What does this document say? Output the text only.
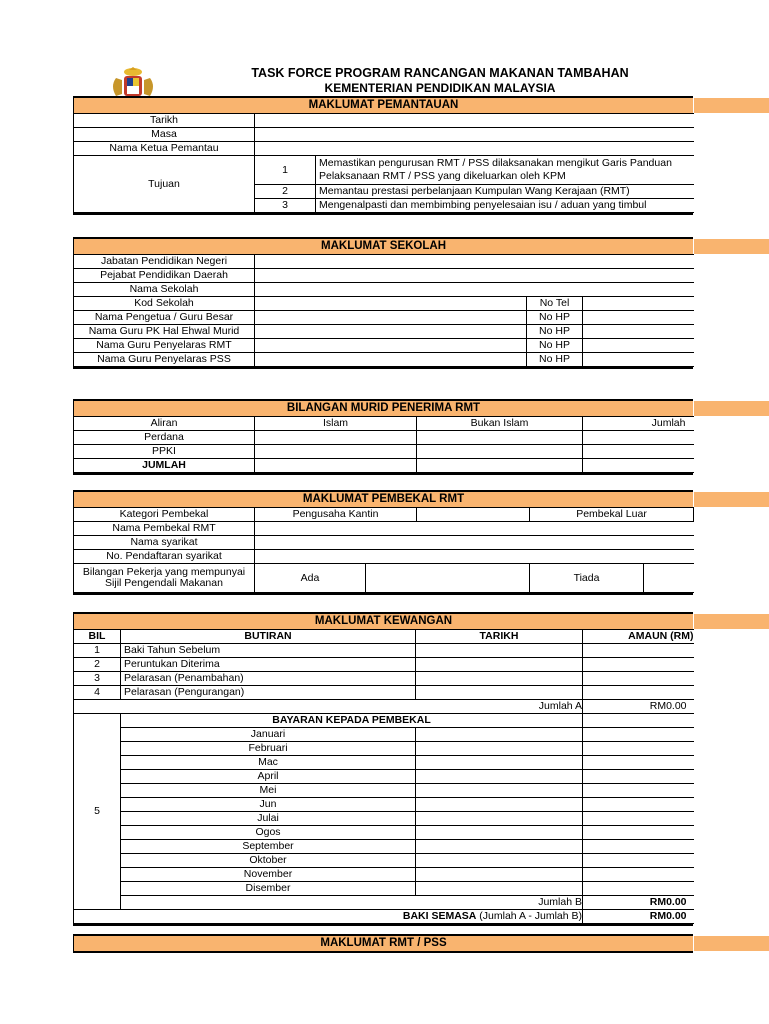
TASK FORCE PROGRAM RANCANGAN MAKANAN TAMBAHAN
KEMENTERIAN PENDIDIKAN MALAYSIA
MAKLUMAT PEMANTAUAN
Tarikh		
Masa		
Nama Ketua Pemantau		
Tujuan	1	Memastikan pengurusan RMT / PSS dilaksanakan mengikut Garis Panduan Pelaksanaan RMT / PSS yang dikeluarkan oleh KPM
	2	Memantau prestasi perbelanjaan Kumpulan Wang Kerajaan (RMT)
	3	Mengenalpasti dan membimbing penyelesaian isu / aduan yang timbul
MAKLUMAT SEKOLAH
Jabatan Pendidikan Negeri			
Pejabat Pendidikan Daerah			
Nama Sekolah			
Kod Sekolah		No Tel	
Nama Pengetua / Guru Besar		No HP	
Nama Guru PK Hal Ehwal Murid		No HP	
Nama Guru Penyelaras RMT		No HP	
Nama Guru Penyelaras PSS		No HP	
BILANGAN MURID PENERIMA RMT
Aliran	Islam	Bukan Islam	Jumlah
Perdana			
PPKI			
JUMLAH			
MAKLUMAT PEMBEKAL RMT
Kategori Pembekal	Pengusaha Kantin			Pembekal Luar
Nama Pembekal RMT				
Nama syarikat				
No. Pendaftaran syarikat				
Bilangan Pekerja yang mempunyai Sijil Pengendali Makanan	Ada			Tiada
MAKLUMAT KEWANGAN
BIL	BUTIRAN	TARIKH	AMAUN (RM)
1	Baki Tahun Sebelum		
2	Peruntukan Diterima		
3	Pelarasan (Penambahan)		
4	Pelarasan (Pengurangan)		
Jumlah A			RM0.00
5	BAYARAN KEPADA PEMBEKAL		
	Januari		
	Februari		
	Mac		
	April		
	Mei		
	Jun		
	Julai		
	Ogos		
	September		
	Oktober		
	November		
	Disember		
	Jumlah B		RM0.00
BAKI SEMASA (Jumlah A - Jumlah B)			RM0.00
MAKLUMAT RMT / PSS
